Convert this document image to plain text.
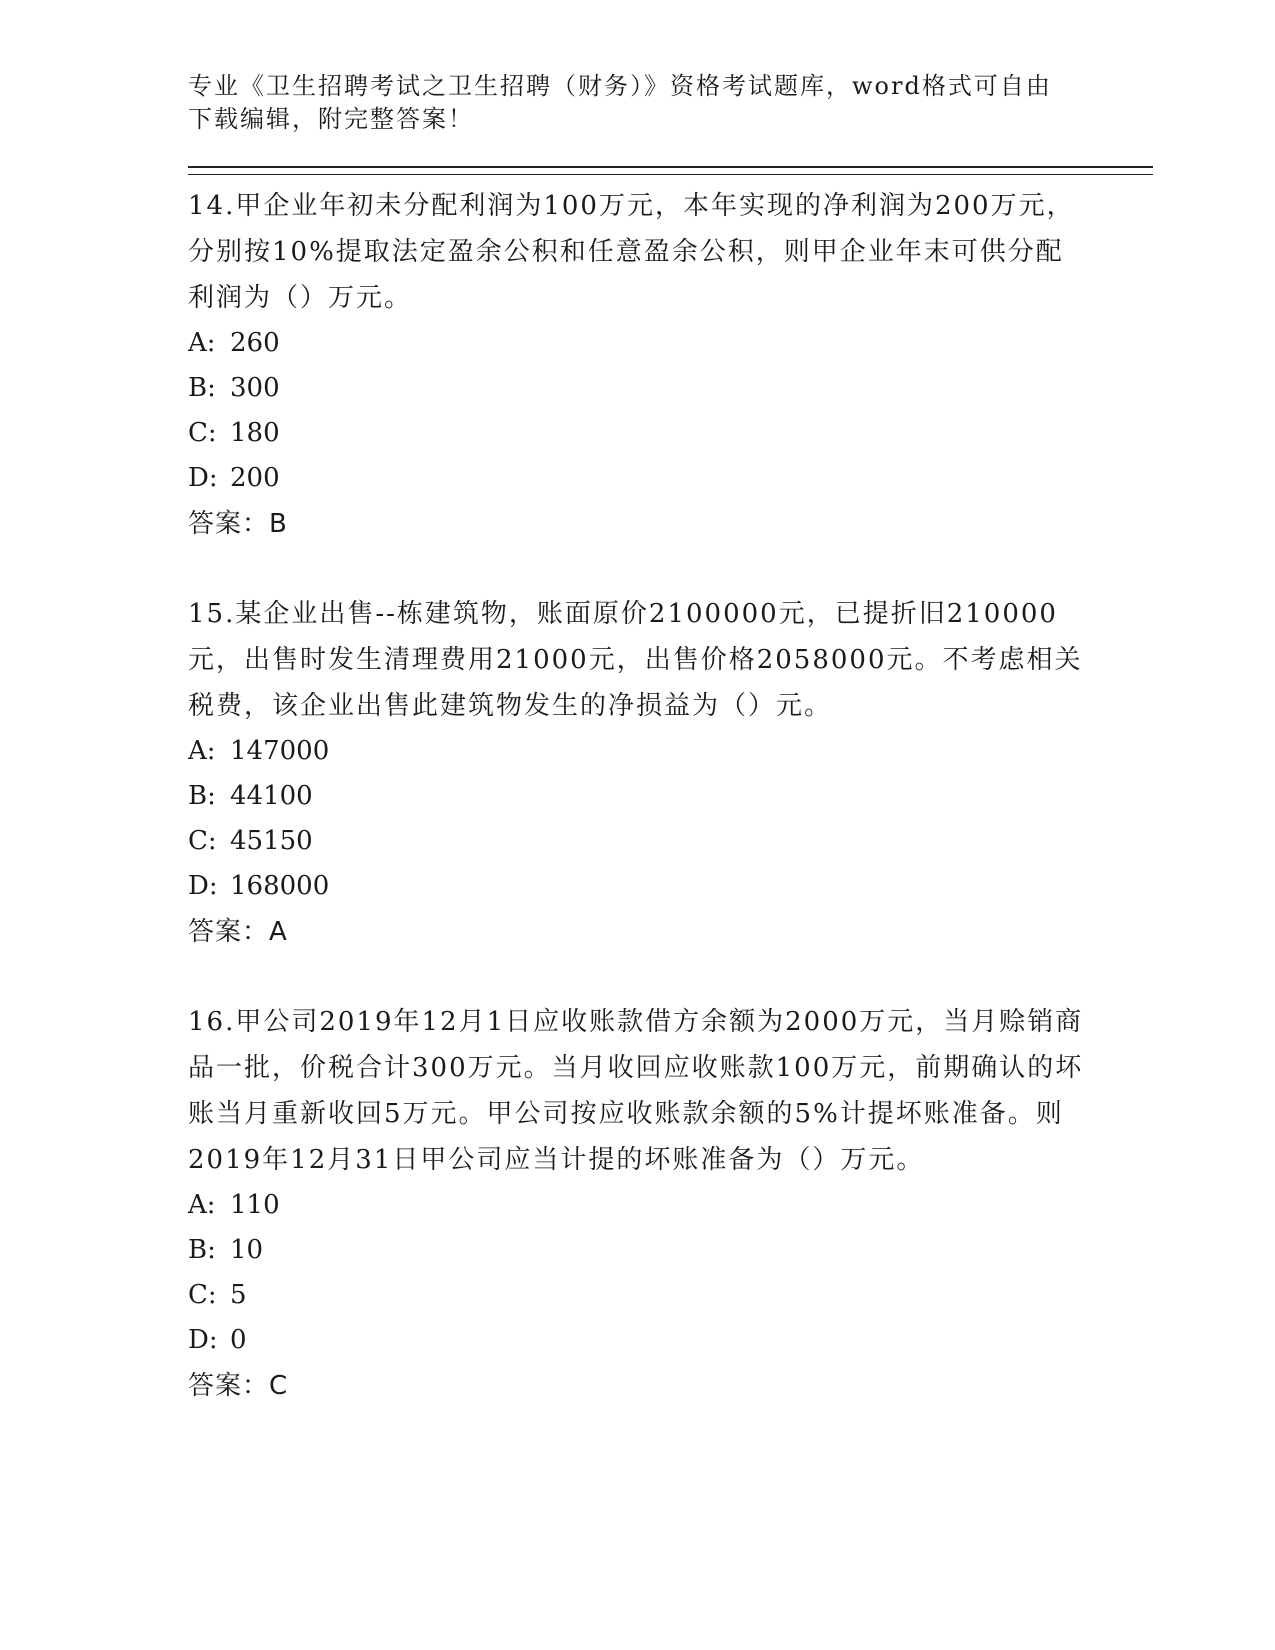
专业《卫生招聘考试之卫生招聘（财务）》资格考试题库，word格式可自由下载编辑，附完整答案！

14.甲企业年初未分配利润为100万元，本年实现的净利润为200万元，分别按10%提取法定盈余公积和任意盈余公积，则甲企业年末可供分配利润为（）万元。

A: 260
B: 300
C: 180
D: 200

答案：B

15.某企业出售--栋建筑物，账面原价2100000元，已提折旧210000元，出售时发生清理费用21000元，出售价格2058000元。不考虑相关税费，该企业出售此建筑物发生的净损益为（）元。

A: 147000
B: 44100
C: 45150
D: 168000

答案：A

16.甲公司2019年12月1日应收账款借方余额为2000万元，当月赊销商品一批，价税合计300万元。当月收回应收账款100万元，前期确认的坏账当月重新收回5万元。甲公司按应收账款余额的5%计提坏账准备。则2019年12月31日甲公司应当计提的坏账准备为（）万元。

A: 110
B: 10
C: 5
D: 0

答案：C
